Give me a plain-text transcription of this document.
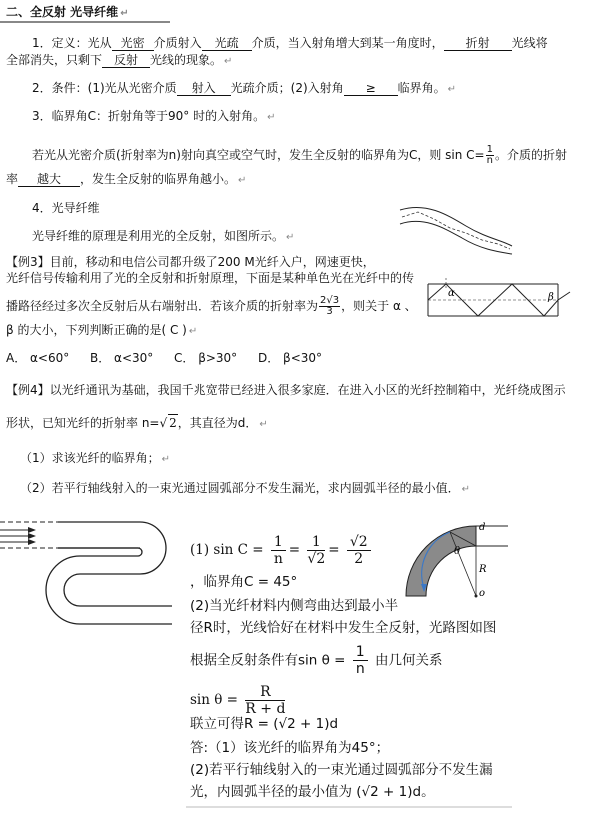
二、全反射 光导纤维 ↵
1．定义：光从 光密 介质射入 光疏 介质，当入射角增大到某一角度时， 折射 光线将
全部消失，只剩下 反射 光线的现象。 ↵
2．条件：(1)光从光密介质 射入 光疏介质；(2)入射角 ≥ 临界角。 ↵
3．临界角C：折射角等于90° 时的入射角。 ↵
若光从光密介质(折射率为n)射向真空或空气时，发生全反射的临界角为C，则 $\sin C= \frac{1}{n}$ 。介质的折射
率 越大 ，发生全反射的临界角越小。 ↵
4．光导纤维
光导纤维的原理是利用光的全反射，如图所示。 ↵
【例3】目前，移动和电信公司都升级了200 M光纤入户，网速更快，
光纤信号传输利用了光的全反射和折射原理，下面是某种单色光在光纤中的传
播路径经过多次全反射后从右端射出．若该介质的折射率为 $\frac{2√3}{3}$ ，则关于 α 、
β 的大小，下列判断正确的是( C ) ↵
A． α<60° B． α<30° C． β>30° D． β<30°
α	β
【例4】以光纤通讯为基础，我国千兆宽带已经进入很多家庭．在进入小区的光纤控制箱中，光纤绕成图示
形状，已知光纤的折射率 n=√ 2，其直径为d． ↵
（1）求该光纤的临界角； ↵
（2）若平行轴线射入的一束光通过圆弧部分不发生漏光，求内圆弧半径的最小值． ↵
(1) $\sin C = \frac{1}{n} = \frac{1}{√2} = \frac{√2}{2}$
，临界角C = 45°
(2)当光纤材料内侧弯曲达到最小半
径R时，光线恰好在材料中发生全反射，光路图如图
根据全反射条件有$\sin \theta = \frac{1}{n}$ 由几何关系
$\sin \theta = \frac{R}{R + d}$
联立可得R = (√2 + 1)d
答:（1）该光纤的临界角为45°；
(2)若平行轴线射入的一束光通过圆弧部分不发生漏
光，内圆弧半径的最小值为 (√2 + 1)d。
d
θ
R
o
